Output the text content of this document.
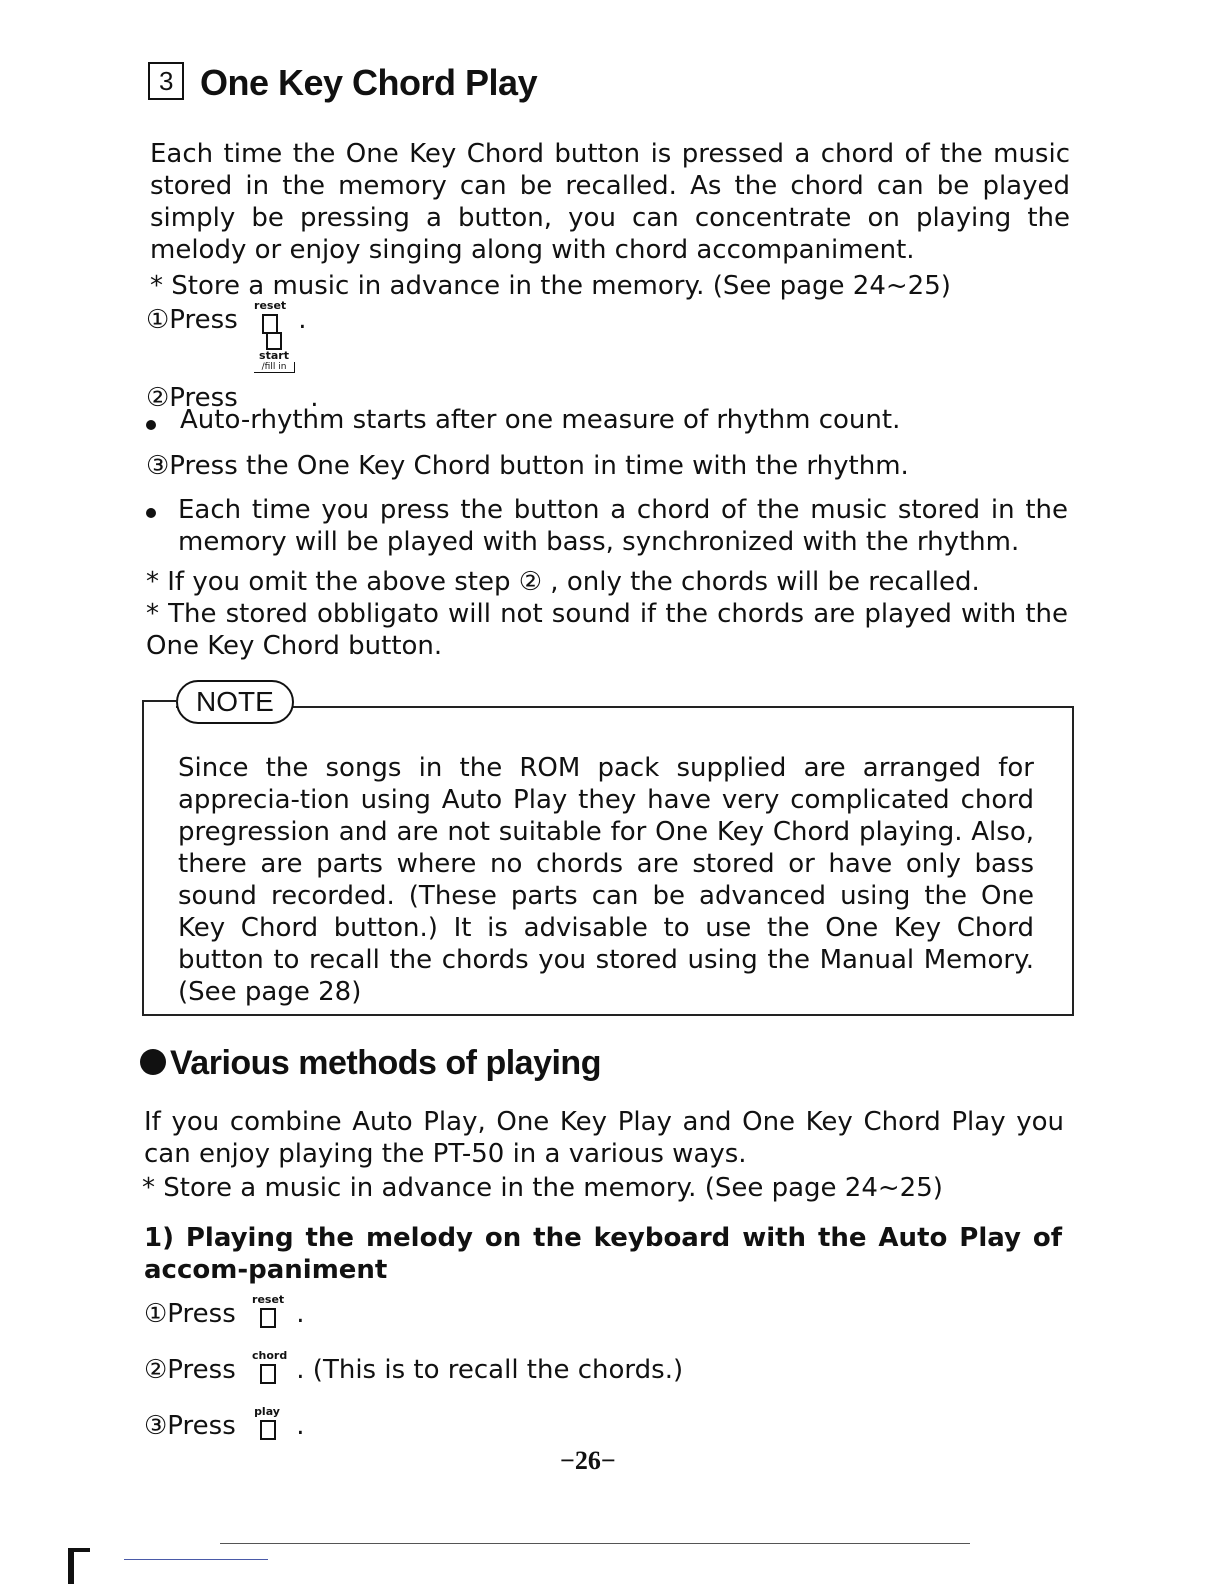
3 One Key Chord Play
Each time the One Key Chord button is pressed a chord of the music stored in the memory can be recalled. As the chord can be played simply be pressing a button, you can concentrate on playing the melody or enjoy singing along with chord accompaniment.
* Store a music in advance in the memory. (See page 24~25)
①Press reset .
②Press
start
/fill in
.
Auto-rhythm starts after one measure of rhythm count.
③Press the One Key Chord button in time with the rhythm.
Each time you press the button a chord of the music stored in the memory will be played with bass, synchronized with the rhythm.
* If you omit the above step ② , only the chords will be recalled.
* The stored obbligato will not sound if the chords are played with the One Key Chord button.
NOTE
Since the songs in the ROM pack supplied are arranged for apprecia-tion using Auto Play they have very complicated chord pregression and are not suitable for One Key Chord playing. Also, there are parts where no chords are stored or have only bass sound recorded. (These parts can be advanced using the One Key Chord button.) It is advisable to use the One Key Chord button to recall the chords you stored using the Manual Memory. (See page 28)
Various methods of playing
If you combine Auto Play, One Key Play and One Key Chord Play you can enjoy playing the PT-50 in a various ways.
* Store a music in advance in the memory. (See page 24~25)
1) Playing the melody on the keyboard with the Auto Play of accom-paniment
①Press reset .
②Press chord . (This is to recall the chords.)
③Press play .
−26−
